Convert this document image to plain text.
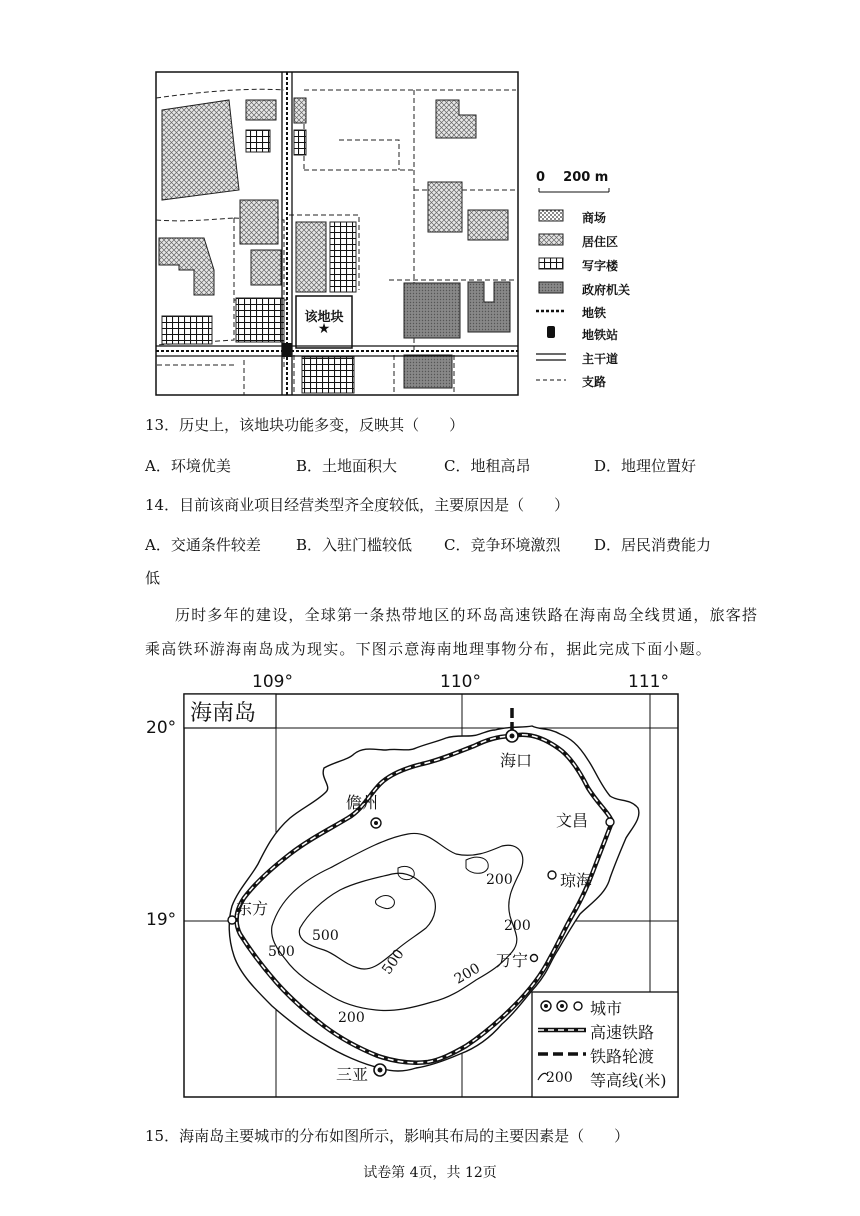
该地块
★
0    200 m
商场
居住区
写字楼
政府机关
地铁
地铁站
主干道
支路
13．历史上，该地块功能多变，反映其（　　）
A．环境优美	B．土地面积大	C．地租高昂	D．地理位置好
14．目前该商业项目经营类型齐全度较低，主要原因是（　　）
A．交通条件较差 B．入驻门槛较低 C．竞争环境激烈 D．居民消费能力
低
历时多年的建设，全球第一条热带地区的环岛高速铁路在海南岛全线贯通，旅客搭
乘高铁环游海南岛成为现实。下图示意海南地理事物分布，据此完成下面小题。
海南岛
109°	110°	111°
20°
19°
海口
儋州
文昌
琼海
东方
万宁
三亚
200
200
500
500
500	200
200	城市
高速铁路
铁路轮渡
200 等高线(米)
15．海南岛主要城市的分布如图所示，影响其布局的主要因素是（　　）
试卷第 4页，共 12页
